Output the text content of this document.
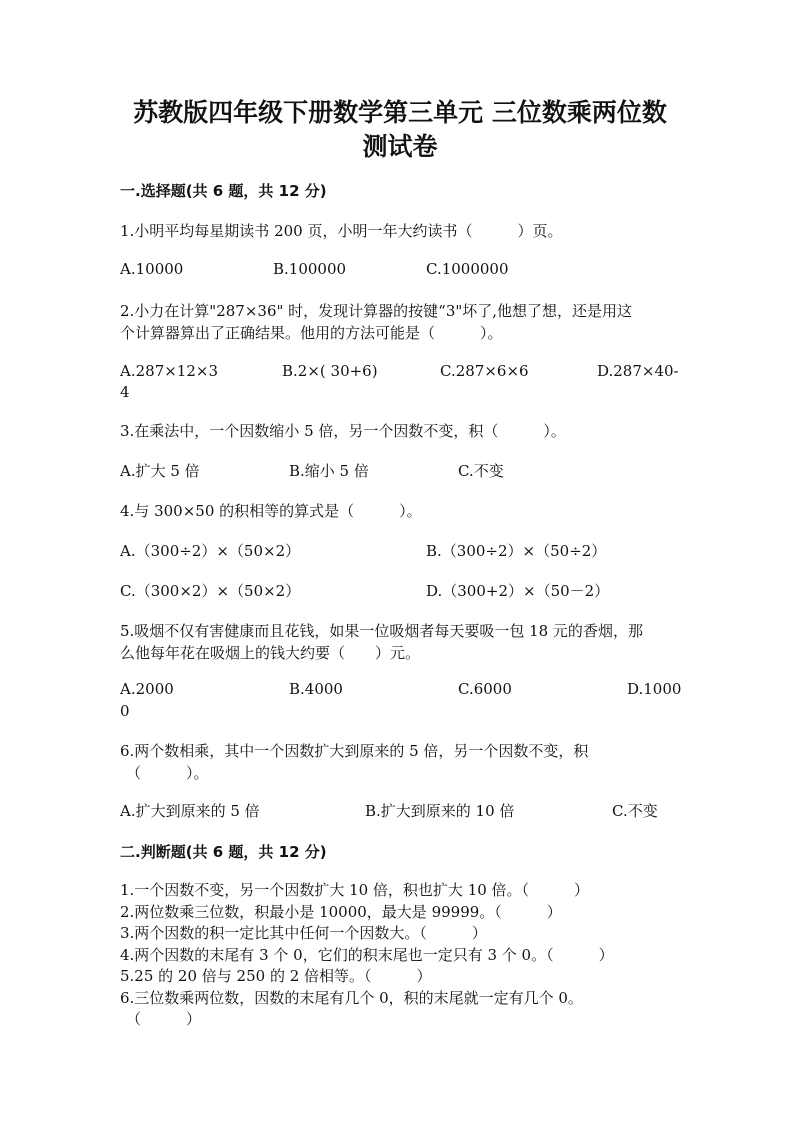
苏教版四年级下册数学第三单元 三位数乘两位数
测试卷
一.选择题(共 6 题，共 12 分)
1.小明平均每星期读书 200 页，小明一年大约读书（　　　）页。
A.10000	B.100000	C.1000000
2.小力在计算"287×36" 时，发现计算器的按键“3"坏了,他想了想，还是用这
个计算器算出了正确结果。他用的方法可能是（　　　）。
A.287×12×3	B.2×( 30+6)	C.287×6×6	D.287×40-
4
3.在乘法中，一个因数缩小 5 倍，另一个因数不变，积（　　　）。
A.扩大 5 倍	B.缩小 5 倍	C.不变
4.与 300×50 的积相等的算式是（　　　）。
A.（300÷2）×（50×2）	B.（300÷2）×（50÷2）
C.（300×2）×（50×2）	D.（300+2）×（50－2）
5.吸烟不仅有害健康而且花钱，如果一位吸烟者每天要吸一包 18 元的香烟，那
么他每年花在吸烟上的钱大约要（　　）元。
A.2000	B.4000	C.6000	D.1000
0
6.两个数相乘，其中一个因数扩大到原来的 5 倍，另一个因数不变，积
（　　　）。
A.扩大到原来的 5 倍	B.扩大到原来的 10 倍	C.不变
二.判断题(共 6 题，共 12 分)
1.一个因数不变，另一个因数扩大 10 倍，积也扩大 10 倍。（　　　）
2.两位数乘三位数，积最小是 10000，最大是 99999。（　　　）
3.两个因数的积一定比其中任何一个因数大。（　　　）
4.两个因数的末尾有 3 个 0，它们的积末尾也一定只有 3 个 0。（　　　）
5.25 的 20 倍与 250 的 2 倍相等。（　　　）
6.三位数乘两位数，因数的末尾有几个 0，积的末尾就一定有几个 0。
（　　　）
